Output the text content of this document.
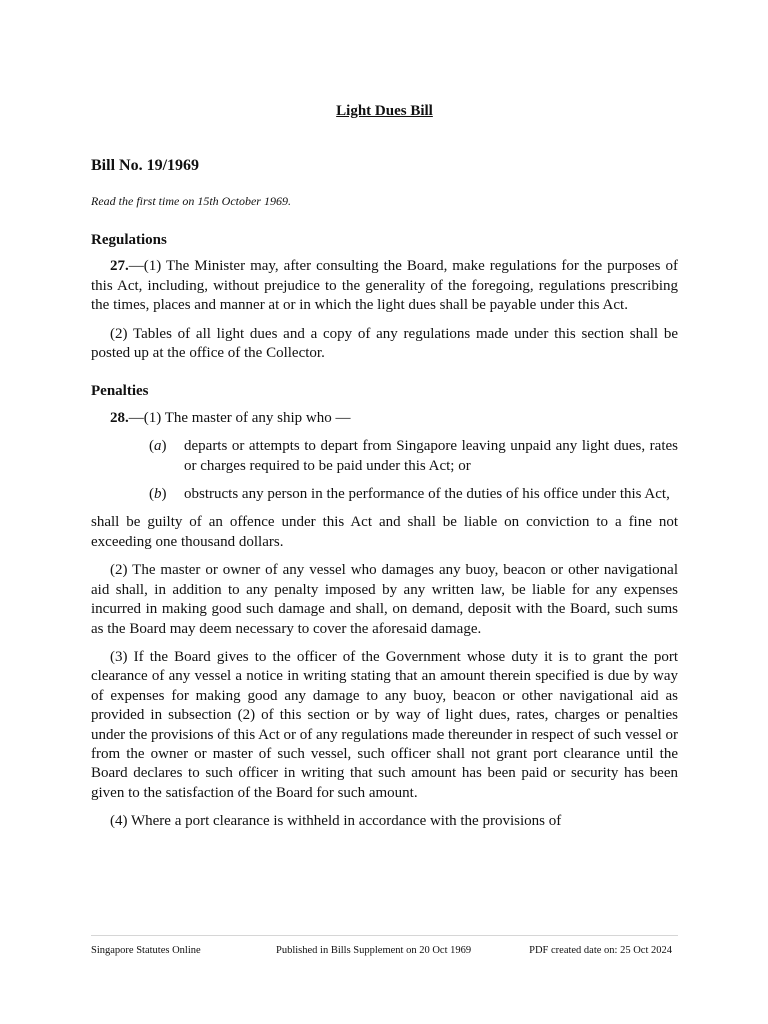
Light Dues Bill
Bill No. 19/1969
Read the first time on 15th October 1969.
Regulations

27.—(1) The Minister may, after consulting the Board, make regulations for the purposes of this Act, including, without prejudice to the generality of the foregoing, regulations prescribing the times, places and manner at or in which the light dues shall be payable under this Act.

(2) Tables of all light dues and a copy of any regulations made under this section shall be posted up at the office of the Collector.

Penalties

28.—(1) The master of any ship who —

(a)	departs or attempts to depart from Singapore leaving unpaid any light dues, rates or charges required to be paid under this Act; or
(b)	obstructs any person in the performance of the duties of his office under this Act,

shall be guilty of an offence under this Act and shall be liable on conviction to a fine not exceeding one thousand dollars.

(2) The master or owner of any vessel who damages any buoy, beacon or other navigational aid shall, in addition to any penalty imposed by any written law, be liable for any expenses incurred in making good such damage and shall, on demand, deposit with the Board, such sums as the Board may deem necessary to cover the aforesaid damage.

(3) If the Board gives to the officer of the Government whose duty it is to grant the port clearance of any vessel a notice in writing stating that an amount therein specified is due by way of expenses for making good any damage to any buoy, beacon or other navigational aid as provided in subsection (2) of this section or by way of light dues, rates, charges or penalties under the provisions of this Act or of any regulations made thereunder in respect of such vessel or from the owner or master of such vessel, such officer shall not grant port clearance until the Board declares to such officer in writing that such amount has been paid or security has been given to the satisfaction of the Board for such amount.

(4) Where a port clearance is withheld in accordance with the provisions of

Singapore Statutes Online	Published in Bills Supplement on 20 Oct 1969	PDF created date on: 25 Oct 2024
